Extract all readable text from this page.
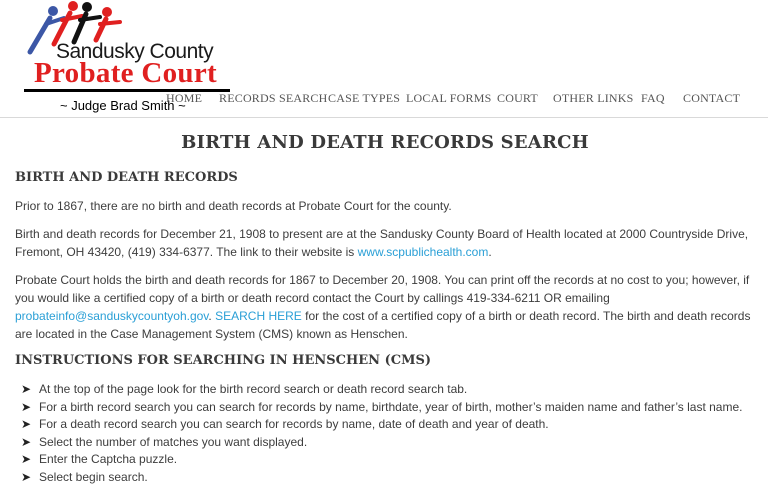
Sandusky County
Probate Court
~ Judge Brad Smith ~
HOME RECORDS SEARCH CASE TYPES LOCAL FORMS COURT OTHER LINKS FAQ CONTACT
BIRTH AND DEATH RECORDS SEARCH
BIRTH AND DEATH RECORDS

Prior to 1867, there are no birth and death records at Probate Court for the county.

Birth and death records for December 21, 1908 to present are at the Sandusky County Board of Health located at 2000 Countryside Drive, Fremont, OH 43420, (419) 334-6377. The link to their website is www.scpublichealth.com.

Probate Court holds the birth and death records for 1867 to December 20, 1908. You can print off the records at no cost to you; however, if you would like a certified copy of a birth or death record contact the Court by callings 419-334-6211 OR emailing probateinfo@sanduskycountyoh.gov. SEARCH HERE for the cost of a certified copy of a birth or death record. The birth and death records are located in the Case Management System (CMS) known as Henschen.

INSTRUCTIONS FOR SEARCHING IN HENSCHEN (CMS)
➤ At the top of the page look for the birth record search or death record search tab.
➤ For a birth record search you can search for records by name, birthdate, year of birth, mother’s maiden name and father’s last name.
➤ For a death record search you can search for records by name, date of death and year of death.
➤ Select the number of matches you want displayed.
➤ Enter the Captcha puzzle.
➤ Select begin search.
